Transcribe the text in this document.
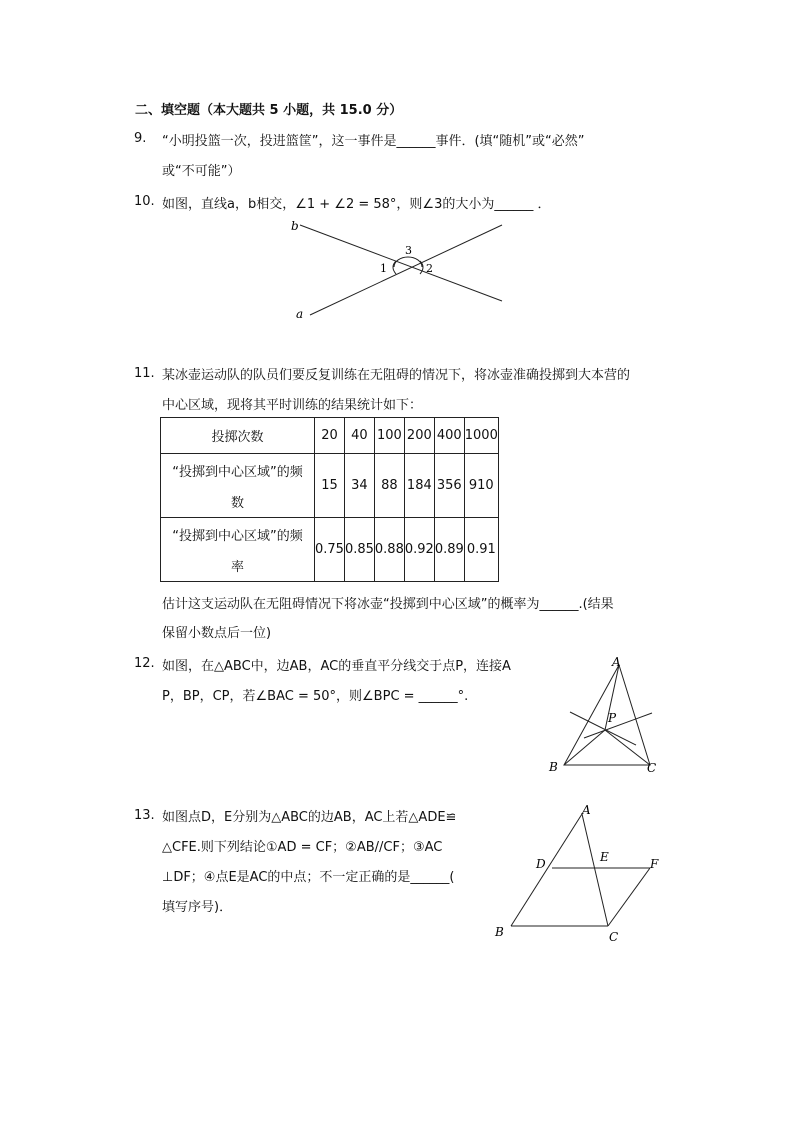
二、填空题（本大题共 5 小题，共 15.0 分）
9. “小明投篮一次，投进篮筐”，这一事件是______事件．(填“随机”或“必然”
或“不可能”）
10. 如图，直线a，b相交，∠1 + ∠2 = 58°，则∠3的大小为______ ．
b
a
1	2
3
11. 某冰壶运动队的队员们要反复训练在无阻碍的情况下，将冰壶准确投掷到大本营的
中心区域，现将其平时训练的结果统计如下：
投掷次数	20	40	100	200	400	1000

“投掷到中心区域”的频
数	15	34	88	184	356	910

“投掷到中心区域”的频
率	0.75	0.85	0.88	0.92	0.89	0.91
估计这支运动队在无阻碍情况下将冰壶“投掷到中心区域”的概率为______.(结果
保留小数点后一位)
12. 如图，在△ABC中，边AB，AC的垂直平分线交于点P，连接A
P，BP，CP，若∠BAC = 50°，则∠BPC = ______°.
A
B	C
P
13. 如图点D，E分别为△ABC的边AB，AC上若△ADE≌
△CFE.则下列结论①AD = CF；②AB//CF；③AC
⊥DF；④点E是AC的中点；不一定正确的是______(
填写序号)．
A
B	C
D	E	F
